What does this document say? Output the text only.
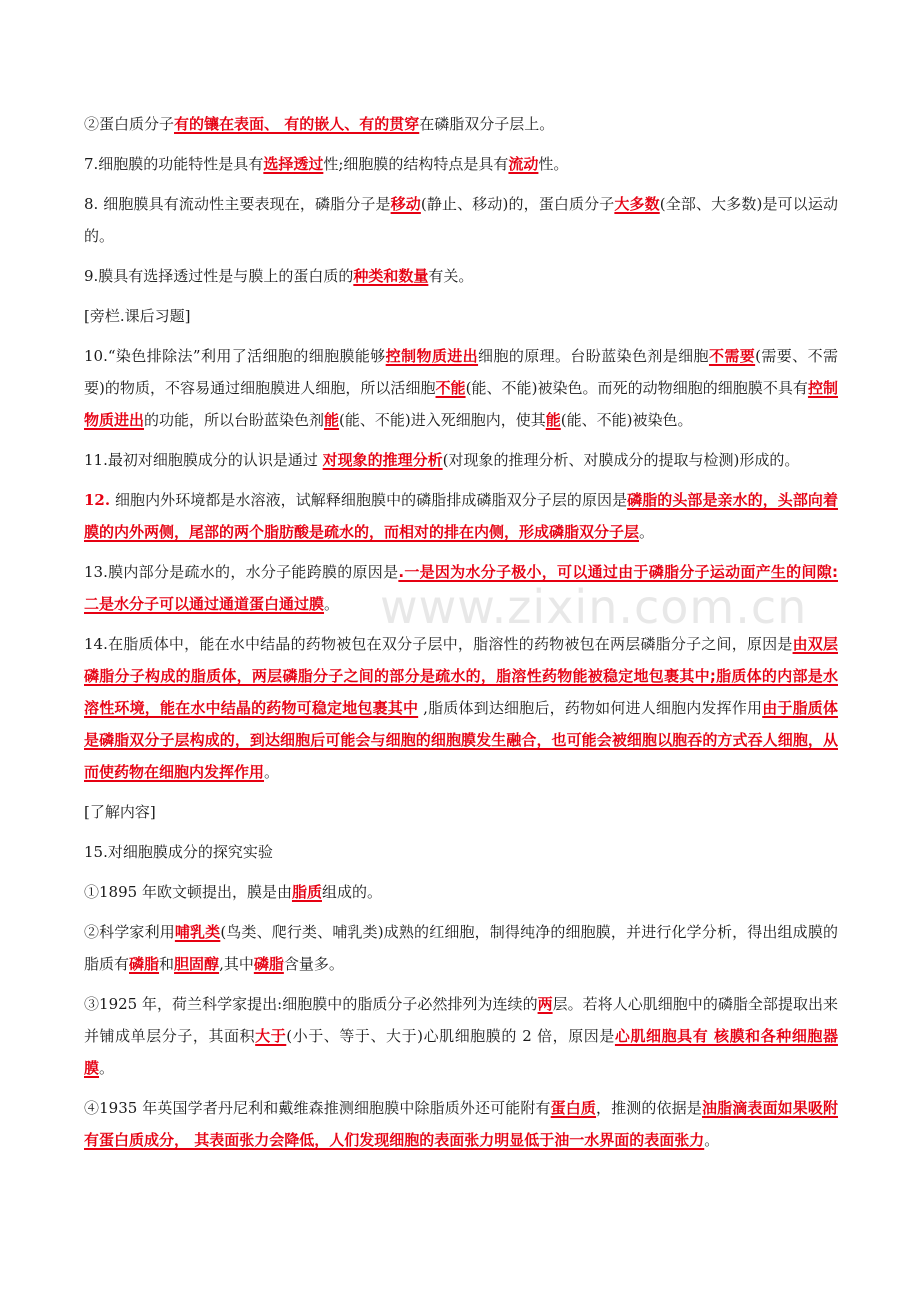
www.zixin.com.cn

②蛋白质分子有的镶在表面、 有的嵌人、有的贯穿在磷脂双分子层上。

7.细胞膜的功能特性是具有选择透过性;细胞膜的结构特点是具有流动性。

8. 细胞膜具有流动性主要表现在，磷脂分子是移动(静止、移动)的，蛋白质分子大多数(全部、大多数)是可以运动的。

9.膜具有选择透过性是与膜上的蛋白质的种类和数量有关。

[旁栏.课后习题]

10.“染色排除法”利用了活细胞的细胞膜能够控制物质进出细胞的原理。台盼蓝染色剂是细胞不需要(需要、不需要)的物质，不容易通过细胞膜进人细胞，所以活细胞不能(能、不能)被染色。而死的动物细胞的细胞膜不具有控制物质进出的功能，所以台盼蓝染色剂能(能、不能)进入死细胞内，使其能(能、不能)被染色。

11.最初对细胞膜成分的认识是通过 对现象的推理分析(对现象的推理分析、对膜成分的提取与检测)形成的。

12. 细胞内外环境都是水溶液，试解释细胞膜中的磷脂排成磷脂双分子层的原因是磷脂的头部是亲水的，头部向着膜的内外两侧，尾部的两个脂肪酸是疏水的，而相对的排在内侧，形成磷脂双分子层。

13.膜内部分是疏水的，水分子能跨膜的原因是.一是因为水分子极小，可以通过由于磷脂分子运动面产生的间隙:二是水分子可以通过通道蛋白通过膜。

14.在脂质体中，能在水中结晶的药物被包在双分子层中，脂溶性的药物被包在两层磷脂分子之间，原因是由双层磷脂分子构成的脂质体，两层磷脂分子之间的部分是疏水的，脂溶性药物能被稳定地包裹其中;脂质体的内部是水溶性环境，能在水中结晶的药物可稳定地包裹其中 ,脂质体到达细胞后，药物如何进人细胞内发挥作用由于脂质体是磷脂双分子层构成的，到达细胞后可能会与细胞的细胞膜发生融合，也可能会被细胞以胞吞的方式吞人细胞，从而使药物在细胞内发挥作用。

[了解内容]

15.对细胞膜成分的探究实验

①1895 年欧文顿提出，膜是由脂质组成的。

②科学家利用哺乳类(鸟类、爬行类、哺乳类)成熟的红细胞，制得纯净的细胞膜，并进行化学分析，得出组成膜的脂质有磷脂和胆固醇,其中磷脂含量多。

③1925 年，荷兰科学家提出:细胞膜中的脂质分子必然排列为连续的两层。若将人心肌细胞中的磷脂全部提取出来并铺成单层分子，其面积大于(小于、等于、大于)心肌细胞膜的 2 倍，原因是心肌细胞具有 核膜和各种细胞器膜。

④1935 年英国学者丹尼利和戴维森推测细胞膜中除脂质外还可能附有蛋白质，推测的依据是油脂滴表面如果吸附有蛋白质成分， 其表面张力会降低，人们发现细胞的表面张力明显低于油一水界面的表面张力。
